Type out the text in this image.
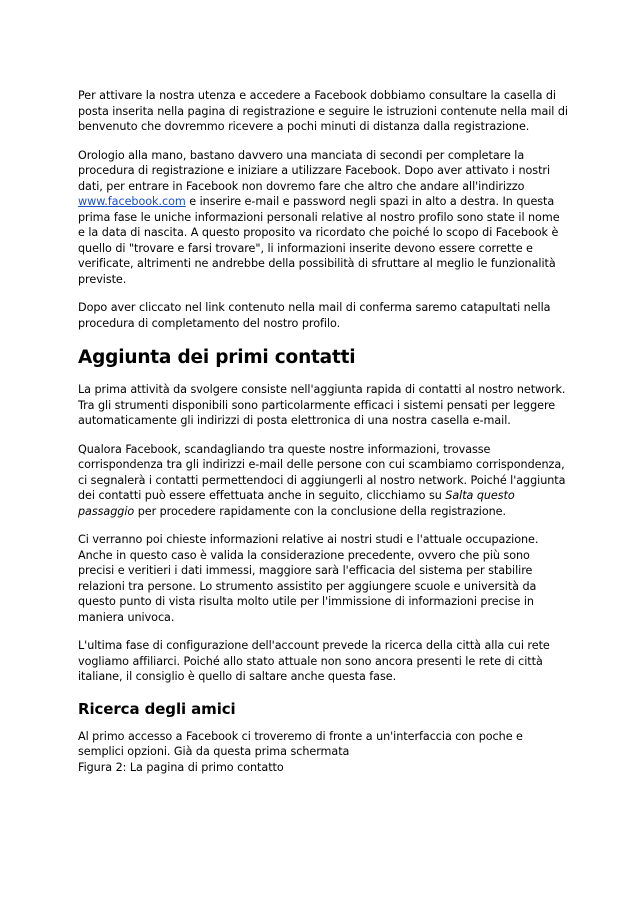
Per attivare la nostra utenza e accedere a Facebook dobbiamo consultare la casella di posta inserita nella pagina di registrazione e seguire le istruzioni contenute nella mail di benvenuto che dovremmo ricevere a pochi minuti di distanza dalla registrazione.

Orologio alla mano, bastano davvero una manciata di secondi per completare la procedura di registrazione e iniziare a utilizzare Facebook. Dopo aver attivato i nostri dati, per entrare in Facebook non dovremo fare che altro che andare all'indirizzo www.facebook.com e inserire e-mail e password negli spazi in alto a destra. In questa prima fase le uniche informazioni personali relative al nostro profilo sono state il nome e la data di nascita. A questo proposito va ricordato che poiché lo scopo di Facebook è quello di "trovare e farsi trovare", li informazioni inserite devono essere corrette e verificate, altrimenti ne andrebbe della possibilità di sfruttare al meglio le funzionalità previste.

Dopo aver cliccato nel link contenuto nella mail di conferma saremo catapultati nella procedura di completamento del nostro profilo.

Aggiunta dei primi contatti

La prima attività da svolgere consiste nell'aggiunta rapida di contatti al nostro network. Tra gli strumenti disponibili sono particolarmente efficaci i sistemi pensati per leggere automaticamente gli indirizzi di posta elettronica di una nostra casella e-mail.

Qualora Facebook, scandagliando tra queste nostre informazioni, trovasse corrispondenza tra gli indirizzi e-mail delle persone con cui scambiamo corrispondenza, ci segnalerà i contatti permettendoci di aggiungerli al nostro network. Poiché l'aggiunta dei contatti può essere effettuata anche in seguito, clicchiamo su Salta questo passaggio per procedere rapidamente con la conclusione della registrazione.

Ci verranno poi chieste informazioni relative ai nostri studi e l'attuale occupazione. Anche in questo caso è valida la considerazione precedente, ovvero che più sono precisi e veritieri i dati immessi, maggiore sarà l'efficacia del sistema per stabilire relazioni tra persone. Lo strumento assistito per aggiungere scuole e università da questo punto di vista risulta molto utile per l'immissione di informazioni precise in maniera univoca.

L'ultima fase di configurazione dell'account prevede la ricerca della città alla cui rete vogliamo affiliarci. Poiché allo stato attuale non sono ancora presenti le rete di città italiane, il consiglio è quello di saltare anche questa fase.

Ricerca degli amici

Al primo accesso a Facebook ci troveremo di fronte a un'interfaccia con poche e semplici opzioni. Già da questa prima schermata

Figura 2: La pagina di primo contatto
